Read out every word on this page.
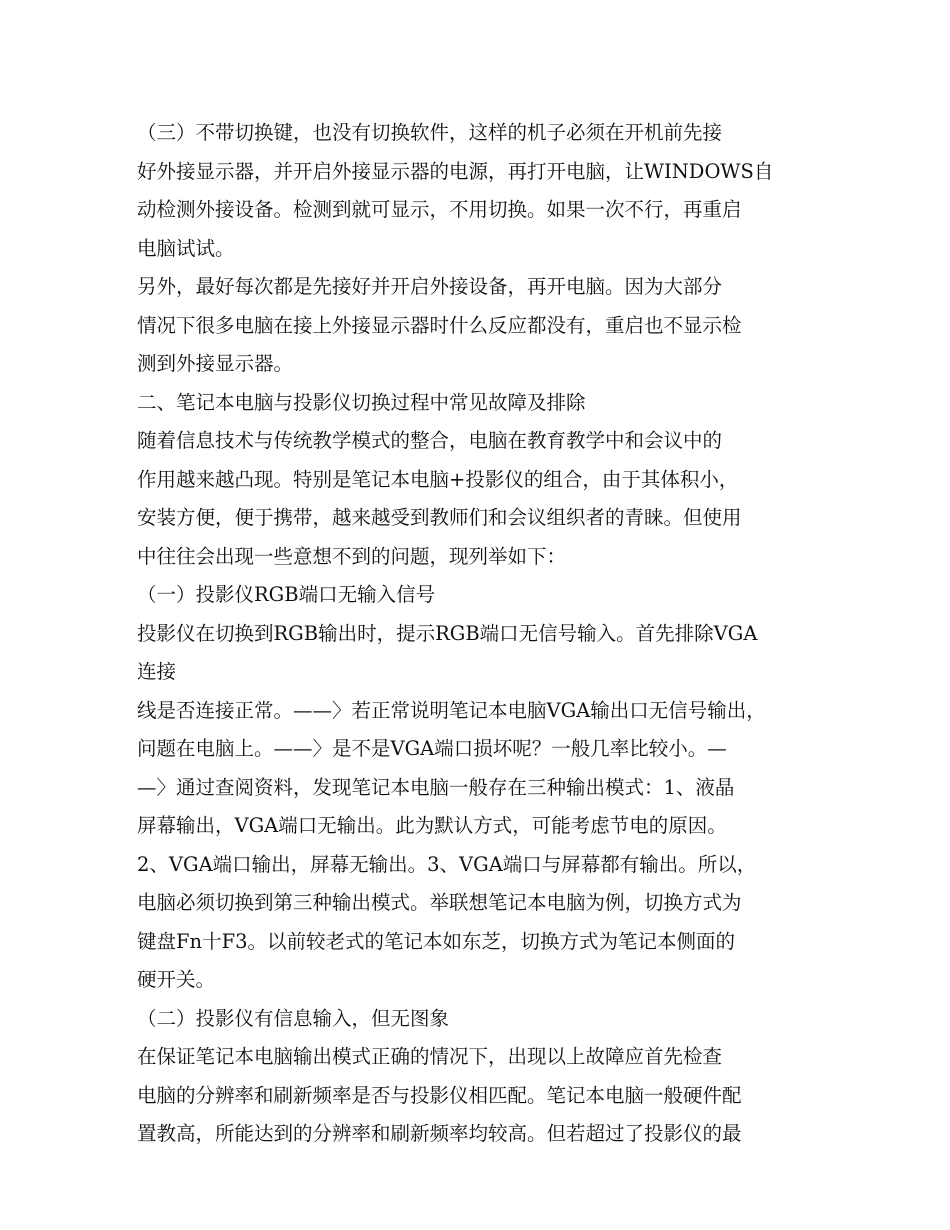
（三）不带切换键，也没有切换软件，这样的机子必须在开机前先接
好外接显示器，并开启外接显示器的电源，再打开电脑，让WINDOWS自
动检测外接设备。检测到就可显示，不用切换。如果一次不行，再重启
电脑试试。
另外，最好每次都是先接好并开启外接设备，再开电脑。因为大部分
情况下很多电脑在接上外接显示器时什么反应都没有，重启也不显示检
测到外接显示器。
二、笔记本电脑与投影仪切换过程中常见故障及排除
随着信息技术与传统教学模式的整合，电脑在教育教学中和会议中的
作用越来越凸现。特别是笔记本电脑+投影仪的组合，由于其体积小，
安装方便，便于携带，越来越受到教师们和会议组织者的青睐。但使用
中往往会出现一些意想不到的问题，现列举如下：
（一）投影仪RGB端口无输入信号
投影仪在切换到RGB输出时，提示RGB端口无信号输入。首先排除VGA
连接
线是否连接正常。——〉若正常说明笔记本电脑VGA输出口无信号输出，
问题在电脑上。——〉是不是VGA端口损坏呢？一般几率比较小。—
—〉通过查阅资料，发现笔记本电脑一般存在三种输出模式：1、液晶
屏幕输出，VGA端口无输出。此为默认方式，可能考虑节电的原因。
2、VGA端口输出，屏幕无输出。3、VGA端口与屏幕都有输出。所以，
电脑必须切换到第三种输出模式。举联想笔记本电脑为例，切换方式为
键盘Fn十F3。以前较老式的笔记本如东芝，切换方式为笔记本侧面的
硬开关。
（二）投影仪有信息输入，但无图象
在保证笔记本电脑输出模式正确的情况下，出现以上故障应首先检查
电脑的分辨率和刷新频率是否与投影仪相匹配。笔记本电脑一般硬件配
置教高，所能达到的分辨率和刷新频率均较高。但若超过了投影仪的最
